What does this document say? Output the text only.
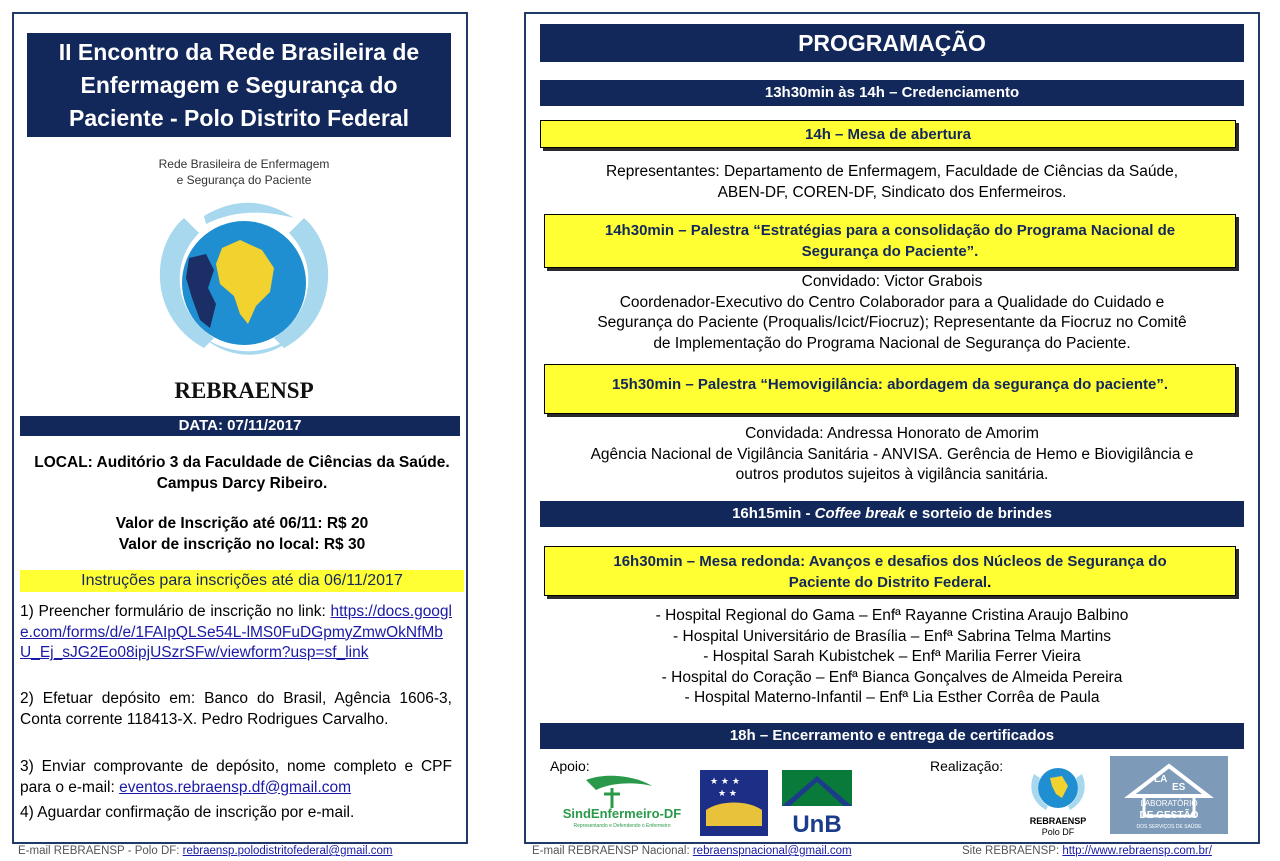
II Encontro da Rede Brasileira de
Enfermagem e Segurança do
Paciente - Polo Distrito Federal
Rede Brasileira de Enfermagem
e Segurança do Paciente
REBRAENSP
DATA: 07/11/2017
LOCAL: Auditório 3 da Faculdade de Ciências da Saúde. Campus Darcy Ribeiro.
Valor de Inscrição até 06/11: R$ 20
Valor de inscrição no local: R$ 30
Instruções para inscrições até dia 06/11/2017
1) Preencher formulário de inscrição no link: https://docs.google.com/forms/d/e/1FAIpQLSe54L-lMS0FuDGpmyZmwOkNfMbU_Ej_sJG2Eo08ipjUSzrSFw/viewform?usp=sf_link
2) Efetuar depósito em: Banco do Brasil, Agência 1606-3, Conta corrente 118413-X. Pedro Rodrigues Carvalho.
3) Enviar comprovante de depósito, nome completo e CPF para o e-mail: eventos.rebraensp.df@gmail.com
4) Aguardar confirmação de inscrição por e-mail.
PROGRAMAÇÃO
13h30min às 14h – Credenciamento
14h – Mesa de abertura
Representantes: Departamento de Enfermagem, Faculdade de Ciências da Saúde,
ABEN-DF, COREN-DF, Sindicato dos Enfermeiros.
14h30min – Palestra “Estratégias para a consolidação do Programa Nacional de
Segurança do Paciente”.
Convidado: Victor Grabois
Coordenador-Executivo do Centro Colaborador para a Qualidade do Cuidado e
Segurança do Paciente (Proqualis/Icict/Fiocruz); Representante da Fiocruz no Comitê
de Implementação do Programa Nacional de Segurança do Paciente.
15h30min – Palestra “Hemovigilância: abordagem da segurança do paciente”.
Convidada: Andressa Honorato de Amorim
Agência Nacional de Vigilância Sanitária - ANVISA. Gerência de Hemo e Biovigilância e
outros produtos sujeitos à vigilância sanitária.
16h15min - Coffee break e sorteio de brindes
16h30min – Mesa redonda: Avanços e desafios dos Núcleos de Segurança do
Paciente do Distrito Federal.
- Hospital Regional do Gama – Enfª Rayanne Cristina Araujo Balbino
- Hospital Universitário de Brasília – Enfª Sabrina Telma Martins
- Hospital Sarah Kubistchek – Enfª Marilia Ferrer Vieira
- Hospital do Coração – Enfª Bianca Gonçalves de Almeida Pereira
- Hospital Materno-Infantil – Enfª Lia Esther Corrêa de Paula
18h – Encerramento e entrega de certificados
Apoio:	Realização:
SindEnfermeiro-DF
Representando e Defendendo o Enfermeiro
★ ★ ★
★ ★
ABEn – DF UnB	REBRAENSP
Polo DF
LA
ES
LABORATÓRIO
DE GESTÃO
DOS SERVIÇOS DE SAÚDE
E-mail REBRAENSP - Polo DF: rebraensp.polodistritofederal@gmail.com	E-mail REBRAENSP Nacional: rebraenspnacional@gmail.com	Site REBRAENSP: http://www.rebraensp.com.br/
